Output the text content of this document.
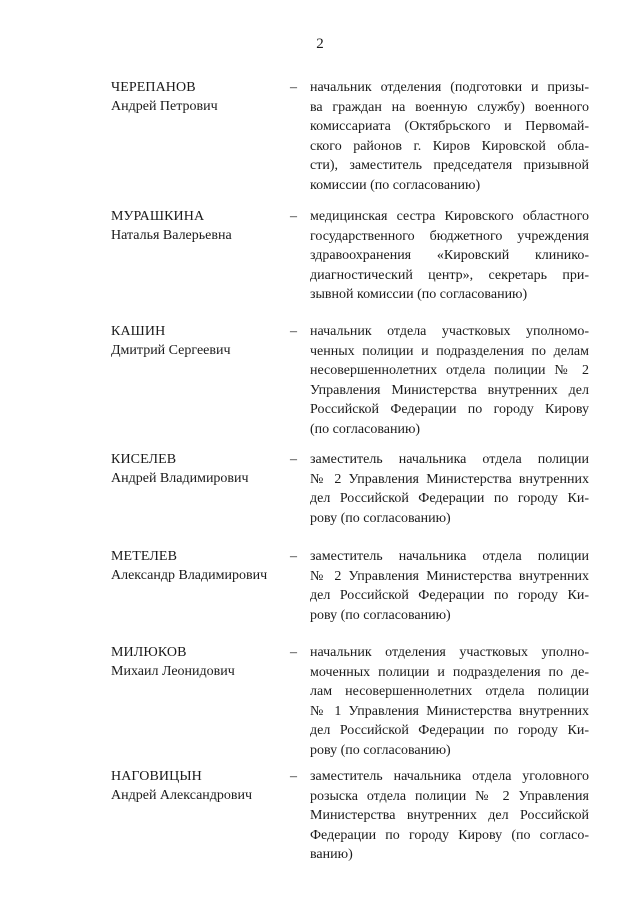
2
ЧЕРЕПАНОВ
Андрей Петрович
– начальник отделения (подготовки и призы-
ва граждан на военную службу) военного
комиссариата (Октябрьского и Первомай-
ского районов г. Киров Кировской обла-
сти), заместитель председателя призывной
комиссии (по согласованию)

МУРАШКИНА
Наталья Валерьевна
– медицинская сестра Кировского областного
государственного бюджетного учреждения
здравоохранения «Кировский клинико-
диагностический центр», секретарь при-
зывной комиссии (по согласованию)

КАШИН
Дмитрий Сергеевич
– начальник отдела участковых уполномо-
ченных полиции и подразделения по делам
несовершеннолетних отдела полиции № 2
Управления Министерства внутренних дел
Российской Федерации по городу Кирову
(по согласованию)

КИСЕЛЕВ
Андрей Владимирович
– заместитель начальника отдела полиции
№ 2 Управления Министерства внутренних
дел Российской Федерации по городу Ки-
рову (по согласованию)

МЕТЕЛЕВ
Александр Владимирович
– заместитель начальника отдела полиции
№ 2 Управления Министерства внутренних
дел Российской Федерации по городу Ки-
рову (по согласованию)

МИЛЮКОВ
Михаил Леонидович
– начальник отделения участковых уполно-
моченных полиции и подразделения по де-
лам несовершеннолетних отдела полиции
№ 1 Управления Министерства внутренних
дел Российской Федерации по городу Ки-
рову (по согласованию)

НАГОВИЦЫН
Андрей Александрович
– заместитель начальника отдела уголовного
розыска отдела полиции № 2 Управления
Министерства внутренних дел Российской
Федерации по городу Кирову (по согласо-
ванию)
